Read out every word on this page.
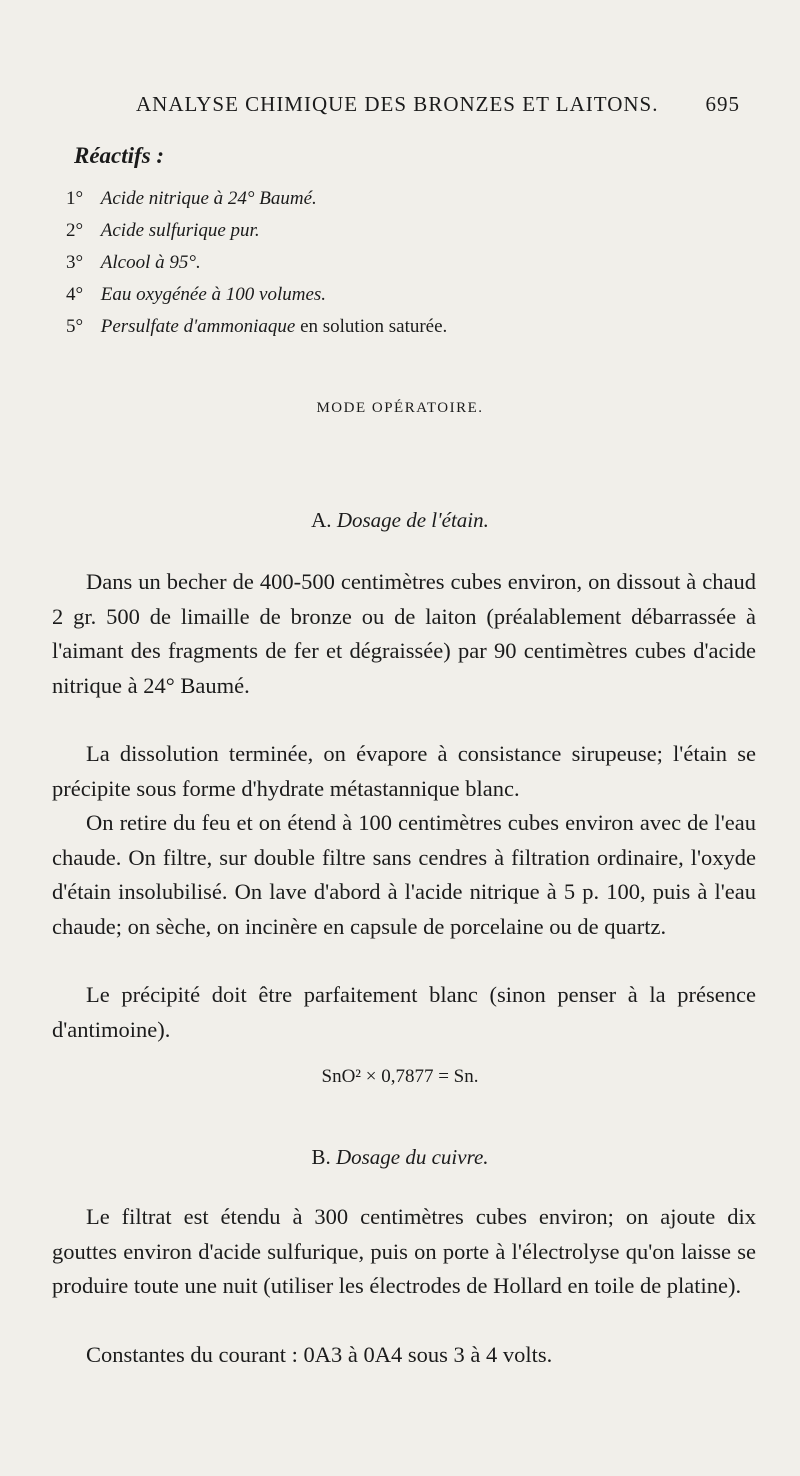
ANALYSE CHIMIQUE DES BRONZES ET LAITONS. 695
Réactifs :
1° Acide nitrique à 24° Baumé.
2° Acide sulfurique pur.
3° Alcool à 95°.
4° Eau oxygénée à 100 volumes.
5° Persulfate d'ammoniaque en solution saturée.
MODE OPÉRATOIRE.
A. Dosage de l'étain.

Dans un becher de 400-500 centimètres cubes environ, on dissout à chaud 2 gr. 500 de limaille de bronze ou de laiton (préalablement débarrassée à l'aimant des fragments de fer et dégraissée) par 90 centimètres cubes d'acide nitrique à 24° Baumé.

La dissolution terminée, on évapore à consistance sirupeuse; l'étain se précipite sous forme d'hydrate métastannique blanc.

On retire du feu et on étend à 100 centimètres cubes environ avec de l'eau chaude. On filtre, sur double filtre sans cendres à filtration ordinaire, l'oxyde d'étain insolubilisé. On lave d'abord à l'acide nitrique à 5 p. 100, puis à l'eau chaude; on sèche, on incinère en capsule de porcelaine ou de quartz.

Le précipité doit être parfaitement blanc (sinon penser à la présence d'antimoine).

SnO² × 0,7877 = Sn.
B. Dosage du cuivre.

Le filtrat est étendu à 300 centimètres cubes environ; on ajoute dix gouttes environ d'acide sulfurique, puis on porte à l'électrolyse qu'on laisse se produire toute une nuit (utiliser les électrodes de Hollard en toile de platine).

Constantes du courant : 0A3 à 0A4 sous 3 à 4 volts.
